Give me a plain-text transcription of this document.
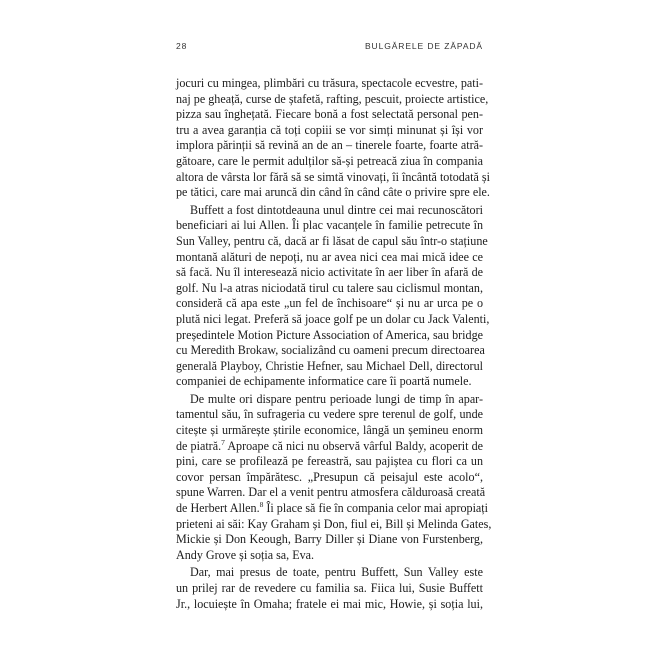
28	BULGĂRELE DE ZĂPADĂ
jocuri cu mingea, plimbări cu trăsura, spectacole ecvestre, pati-
naj pe gheață, curse de ștafetă, rafting, pescuit, proiecte artistice,
pizza sau înghețată. Fiecare bonă a fost selectată personal pen-
tru a avea garanția că toți copiii se vor simți minunat și își vor
implora părinții să revină an de an – tinerele foarte, foarte atră-
gătoare, care le permit adulților să-și petreacă ziua în compania
altora de vârsta lor fără să se simtă vinovați, îi încântă totodată și
pe tătici, care mai aruncă din când în când câte o privire spre ele.
Buffett a fost dintotdeauna unul dintre cei mai recunoscători
beneficiari ai lui Allen. Îi plac vacanțele în familie petrecute în
Sun Valley, pentru că, dacă ar fi lăsat de capul său într-o stațiune
montană alături de nepoți, nu ar avea nici cea mai mică idee ce
să facă. Nu îl interesează nicio activitate în aer liber în afară de
golf. Nu l-a atras niciodată tirul cu talere sau ciclismul montan,
consideră că apa este „un fel de închisoare“ și nu ar urca pe o
plută nici legat. Preferă să joace golf pe un dolar cu Jack Valenti,
președintele Motion Picture Association of America, sau bridge
cu Meredith Brokaw, socializând cu oameni precum directoarea
generală Playboy, Christie Hefner, sau Michael Dell, directorul
companiei de echipamente informatice care îi poartă numele.
De multe ori dispare pentru perioade lungi de timp în apar-
tamentul său, în sufrageria cu vedere spre terenul de golf, unde
citește și urmărește știrile economice, lângă un șemineu enorm
de piatră.$^7$ Aproape că nici nu observă vârful Baldy, acoperit de
pini, care se profilează pe fereastră, sau pajiștea cu flori ca un
covor persan împărătesc. „Presupun că peisajul este acolo“,
spune Warren. Dar el a venit pentru atmosfera călduroasă creată
de Herbert Allen.$^8$ Îi place să fie în compania celor mai apropiați
prieteni ai săi: Kay Graham și Don, fiul ei, Bill și Melinda Gates,
Mickie și Don Keough, Barry Diller și Diane von Furstenberg,
Andy Grove și soția sa, Eva.
Dar, mai presus de toate, pentru Buffett, Sun Valley este
un prilej rar de revedere cu familia sa. Fiica lui, Susie Buffett
Jr., locuiește în Omaha; fratele ei mai mic, Howie, și soția lui,
